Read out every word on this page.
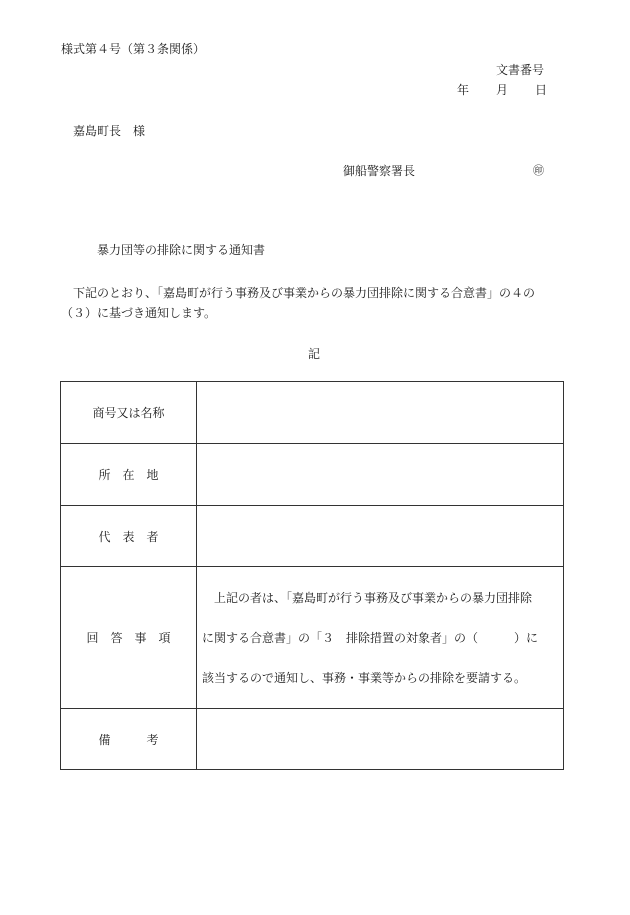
様式第４号（第３条関係）
文書番号
年 月 日
嘉島町長　様
御船警察署長	㊞
暴力団等の排除に関する通知書
下記のとおり、「嘉島町が行う事務及び事業からの暴力団排除に関する合意書」の４の
（３）に基づき通知します。
記
商号又は名称	
所　在　地	
代　表　者	
回　答　事　項	上記の者は、「嘉島町が行う事務及び事業からの暴力団排除
に関する合意書」の「３　排除措置の対象者」の（　　　）に
該当するので通知し、事務・事業等からの排除を要請する。

備　　　考	
